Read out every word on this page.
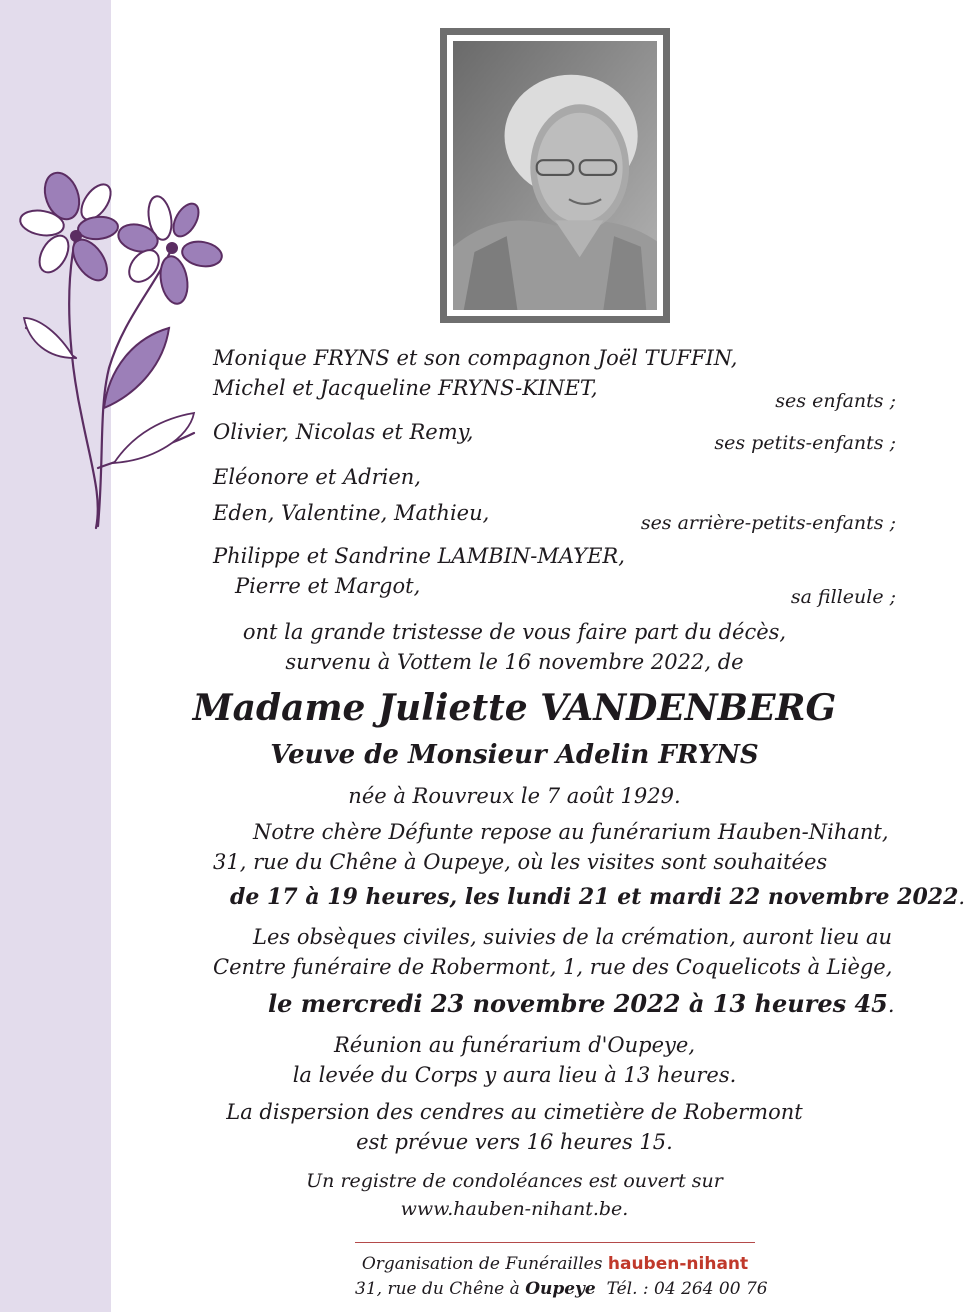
Monique FRYNS et son compagnon Joël TUFFIN,
Michel et Jacqueline FRYNS-KINET,
ses enfants ;
Olivier, Nicolas et Remy,	ses petits-enfants ;
Eléonore et Adrien,
Eden, Valentine, Mathieu,	ses arrière-petits-enfants ;
Philippe et Sandrine LAMBIN-MAYER,
Pierre et Margot,	sa filleule ;
ont la grande tristesse de vous faire part du décès,
survenu à Vottem le 16 novembre 2022, de
Madame Juliette VANDENBERG
Veuve de Monsieur Adelin FRYNS
née à Rouvreux le 7 août 1929.
Notre chère Défunte repose au funérarium Hauben-Nihant,
31, rue du Chêne à Oupeye, où les visites sont souhaitées
de 17 à 19 heures, les lundi 21 et mardi 22 novembre 2022.
Les obsèques civiles, suivies de la crémation, auront lieu au
Centre funéraire de Robermont, 1, rue des Coquelicots à Liège,
le mercredi 23 novembre 2022 à 13 heures 45.
Réunion au funérarium d'Oupeye,
la levée du Corps y aura lieu à 13 heures.
La dispersion des cendres au cimetière de Robermont
est prévue vers 16 heures 15.
Un registre de condoléances est ouvert sur
www.hauben-nihant.be.
Organisation de Funérailles hauben-nihant
31, rue du Chêne à Oupeye Tél. : 04 264 00 76
